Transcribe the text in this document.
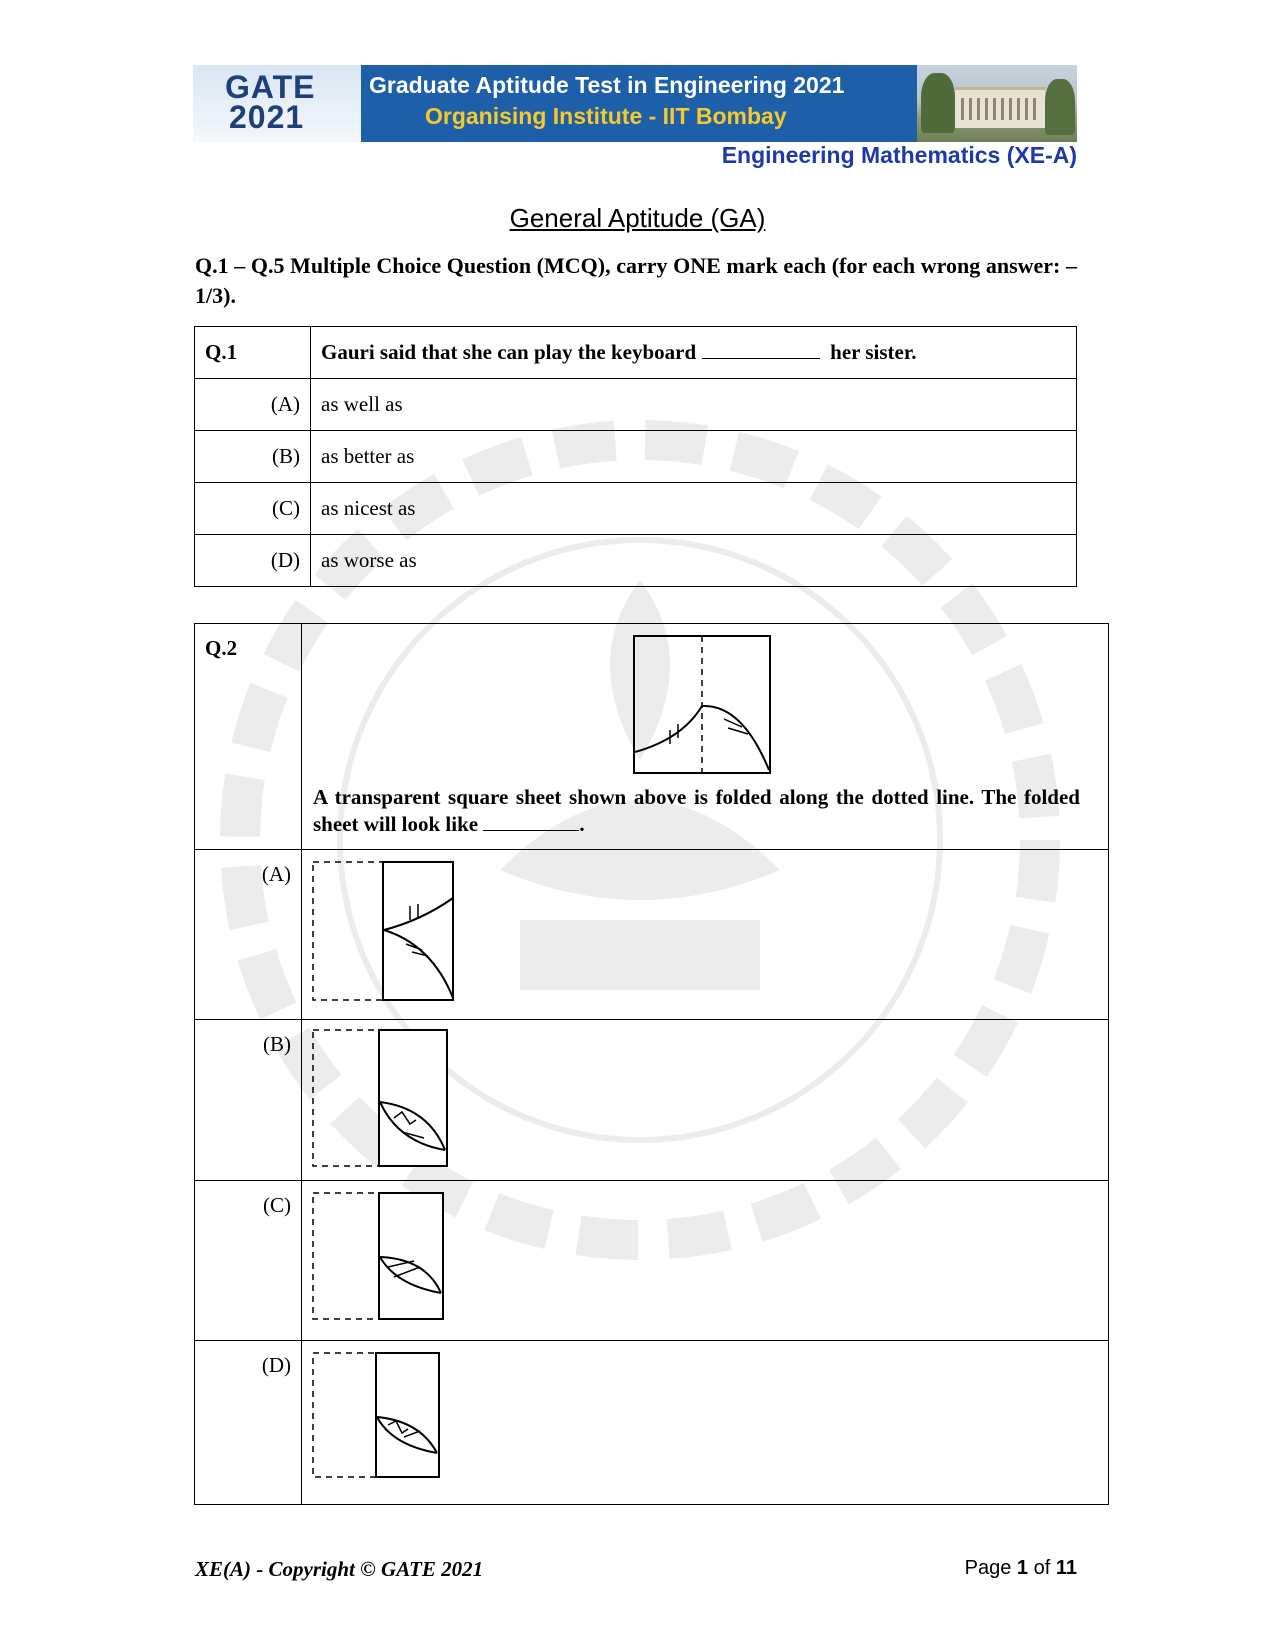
GATE
2021
Graduate Aptitude Test in Engineering 2021
Organising Institute - IIT Bombay
Engineering Mathematics (XE-A)
General Aptitude (GA)
Q.1 – Q.5 Multiple Choice Question (MCQ), carry ONE mark each (for each wrong answer: – 1/3).
Q.1	Gauri said that she can play the keyboard her sister.
(A)	as well as
(B)	as better as
(C)	as nicest as
(D)	as worse as
Q.2	A transparent square sheet shown above is folded along the dotted line. The folded sheet will look like .

(A)	

(B)	

(C)	

(D)	
XE(A) - Copyright © GATE 2021	Page 1 of 11
